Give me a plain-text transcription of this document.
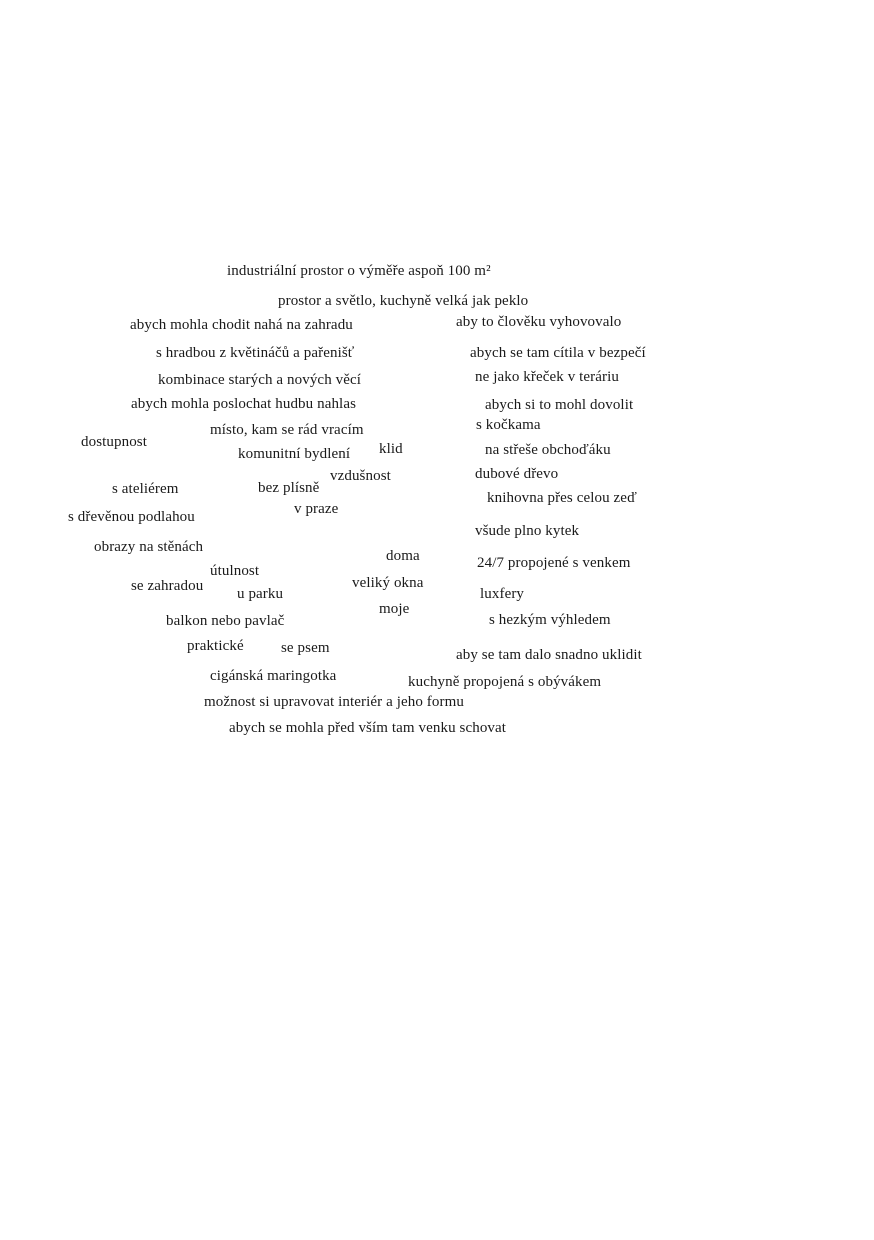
industriální prostor o výměře aspoň 100 m²
prostor a světlo, kuchyně velká jak peklo
abych mohla chodit nahá na zahradu	aby to člověku vyhovovalo
s hradbou z květináčů a pařenišť	abych se tam cítila v bezpečí
kombinace starých a nových věcí	ne jako křeček v teráriu
abych mohla poslochat hudbu nahlas	abych si to mohl dovolit
místo, kam se rád vracím	s kočkama
dostupnost	klid
komunitní bydlení	na střeše obchoďáku
vzdušnost	dubové dřevo
s ateliérem	bez plísně
knihovna přes celou zeď
v praze
s dřevěnou podlahou
všude plno kytek
obrazy na stěnách
doma	24/7 propojené s venkem
útulnost
veliký okna
se zahradou u parku	luxfery
moje
balkon nebo pavlač	s hezkým výhledem
praktické se psem	aby se tam dalo snadno uklidit
cigánská maringotka	kuchyně propojená s obývákem
možnost si upravovat interiér a jeho formu
abych se mohla před vším tam venku schovat
